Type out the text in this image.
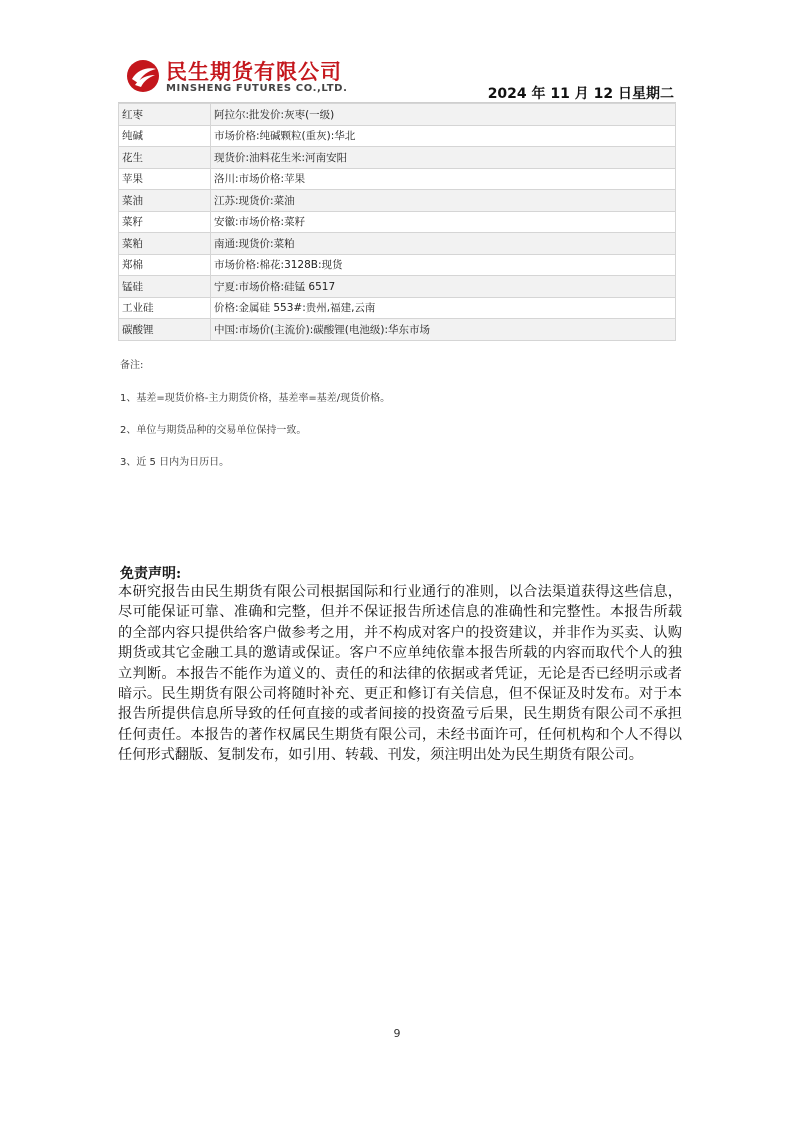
民生期货有限公司
MINSHENG FUTURES CO.,LTD.	2024 年 11 月 12 日星期二
红枣	阿拉尔:批发价:灰枣(一级)
纯碱	市场价格:纯碱颗粒(重灰):华北
花生	现货价:油料花生米:河南安阳
苹果	洛川:市场价格:苹果
菜油	江苏:现货价:菜油
菜籽	安徽:市场价格:菜籽
菜粕	南通:现货价:菜粕
郑棉	市场价格:棉花:3128B:现货
锰硅	宁夏:市场价格:硅锰 6517
工业硅	价格:金属硅 553#:贵州,福建,云南
碳酸锂	中国:市场价(主流价):碳酸锂(电池级):华东市场

备注:

1、基差=现货价格-主力期货价格，基差率=基差/现货价格。

2、单位与期货品种的交易单位保持一致。

3、近 5 日内为日历日。

免责声明:
本研究报告由民生期货有限公司根据国际和行业通行的准则，以合法渠道获得这些信息，尽可能保证可靠、准确和完整，但并不保证报告所述信息的准确性和完整性。本报告所载的全部内容只提供给客户做参考之用，并不构成对客户的投资建议，并非作为买卖、认购期货或其它金融工具的邀请或保证。客户不应单纯依靠本报告所载的内容而取代个人的独立判断。本报告不能作为道义的、责任的和法律的依据或者凭证，无论是否已经明示或者暗示。民生期货有限公司将随时补充、更正和修订有关信息，但不保证及时发布。对于本报告所提供信息所导致的任何直接的或者间接的投资盈亏后果，民生期货有限公司不承担任何责任。本报告的著作权属民生期货有限公司，未经书面许可，任何机构和个人不得以任何形式翻版、复制发布，如引用、转载、刊发，须注明出处为民生期货有限公司。
9
